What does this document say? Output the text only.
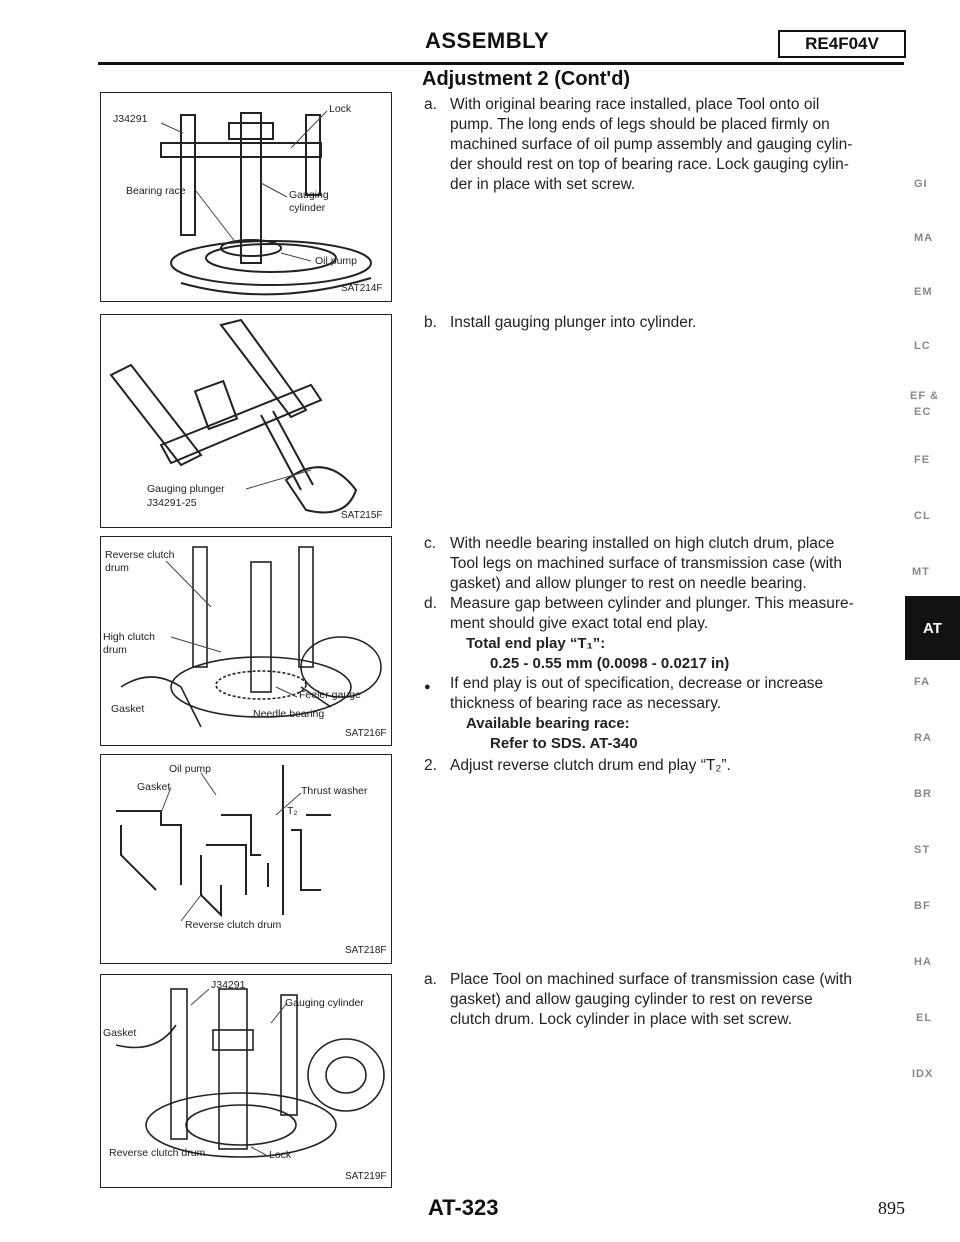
ASSEMBLY	RE4F04V
Adjustment 2 (Cont'd)
J34291
Lock
Bearing race	Gauging
cylinder
Oil pump
SAT214F
Gauging plunger
J34291-25
SAT215F
Reverse clutch
drum
High clutch
drum
Feeler gauge
Gasket	Needle bearing
SAT216F
Oil pump
Gasket	Thrust washer
T₂
Reverse clutch drum
SAT218F
J34291
Gauging cylinder
Gasket
Reverse clutch drum	Lock
SAT219F
a. With original bearing race installed, place Tool onto oil
pump. The long ends of legs should be placed firmly on
machined surface of oil pump assembly and gauging cylin-
der should rest on top of bearing race. Lock gauging cylin-
der in place with set screw.
b. Install gauging plunger into cylinder.
c. With needle bearing installed on high clutch drum, place
Tool legs on machined surface of transmission case (with
gasket) and allow plunger to rest on needle bearing.
d. Measure gap between cylinder and plunger. This measure-
ment should give exact total end play.
Total end play “T₁”:
0.25 - 0.55 mm (0.0098 - 0.0217 in)
● If end play is out of specification, decrease or increase
thickness of bearing race as necessary.
Available bearing race:
Refer to SDS. AT-340
2. Adjust reverse clutch drum end play “T₂”.
a. Place Tool on machined surface of transmission case (with
gasket) and allow gauging cylinder to rest on reverse
clutch drum. Lock cylinder in place with set screw.
GI
MA
EM
LC
EF &
EC
FE
CL
MT
AT
FA
RA
BR
ST
BF
HA
EL
IDX
AT-323	895
